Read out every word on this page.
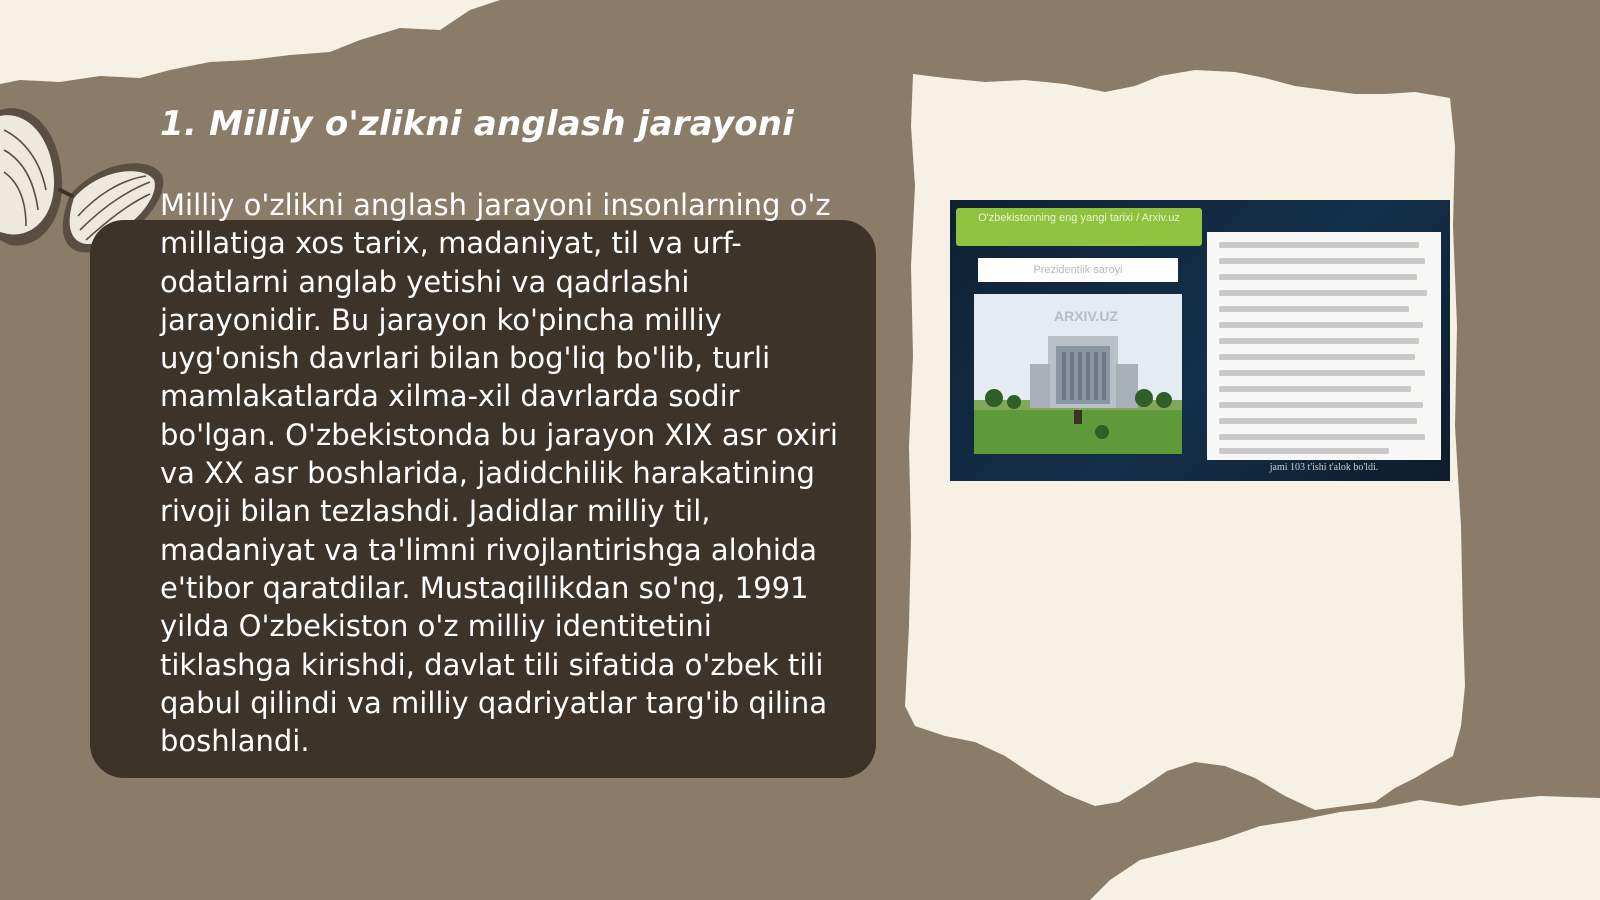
1. Milliy o'zlikni anglash jarayoni

Milliy o'zlikni anglash jarayoni insonlarning o'z millatiga xos tarix, madaniyat, til va urf-odatlarni anglab yetishi va qadrlashi jarayonidir. Bu jarayon ko'pincha milliy uyg'onish davrlari bilan bog'liq bo'lib, turli mamlakatlarda xilma-xil davrlarda sodir bo'lgan. O'zbekistonda bu jarayon XIX asr oxiri va XX asr boshlarida, jadidchilik harakatining rivoji bilan tezlashdi. Jadidlar milliy til, madaniyat va ta'limni rivojlantirishga alohida e'tibor qaratdilar. Mustaqillikdan so'ng, 1991 yilda O'zbekiston o'z milliy identitetini tiklashga kirishdi, davlat tili sifatida o'zbek tili qabul qilindi va milliy qadriyatlar targ'ib qilina boshlandi.

O'zbekistonning eng yangi tarixi / Arxiv.uz
Prezidentlik saroyi
ARXIV.UZ
jami 103 t'ishi t'alok bo'ldi.
